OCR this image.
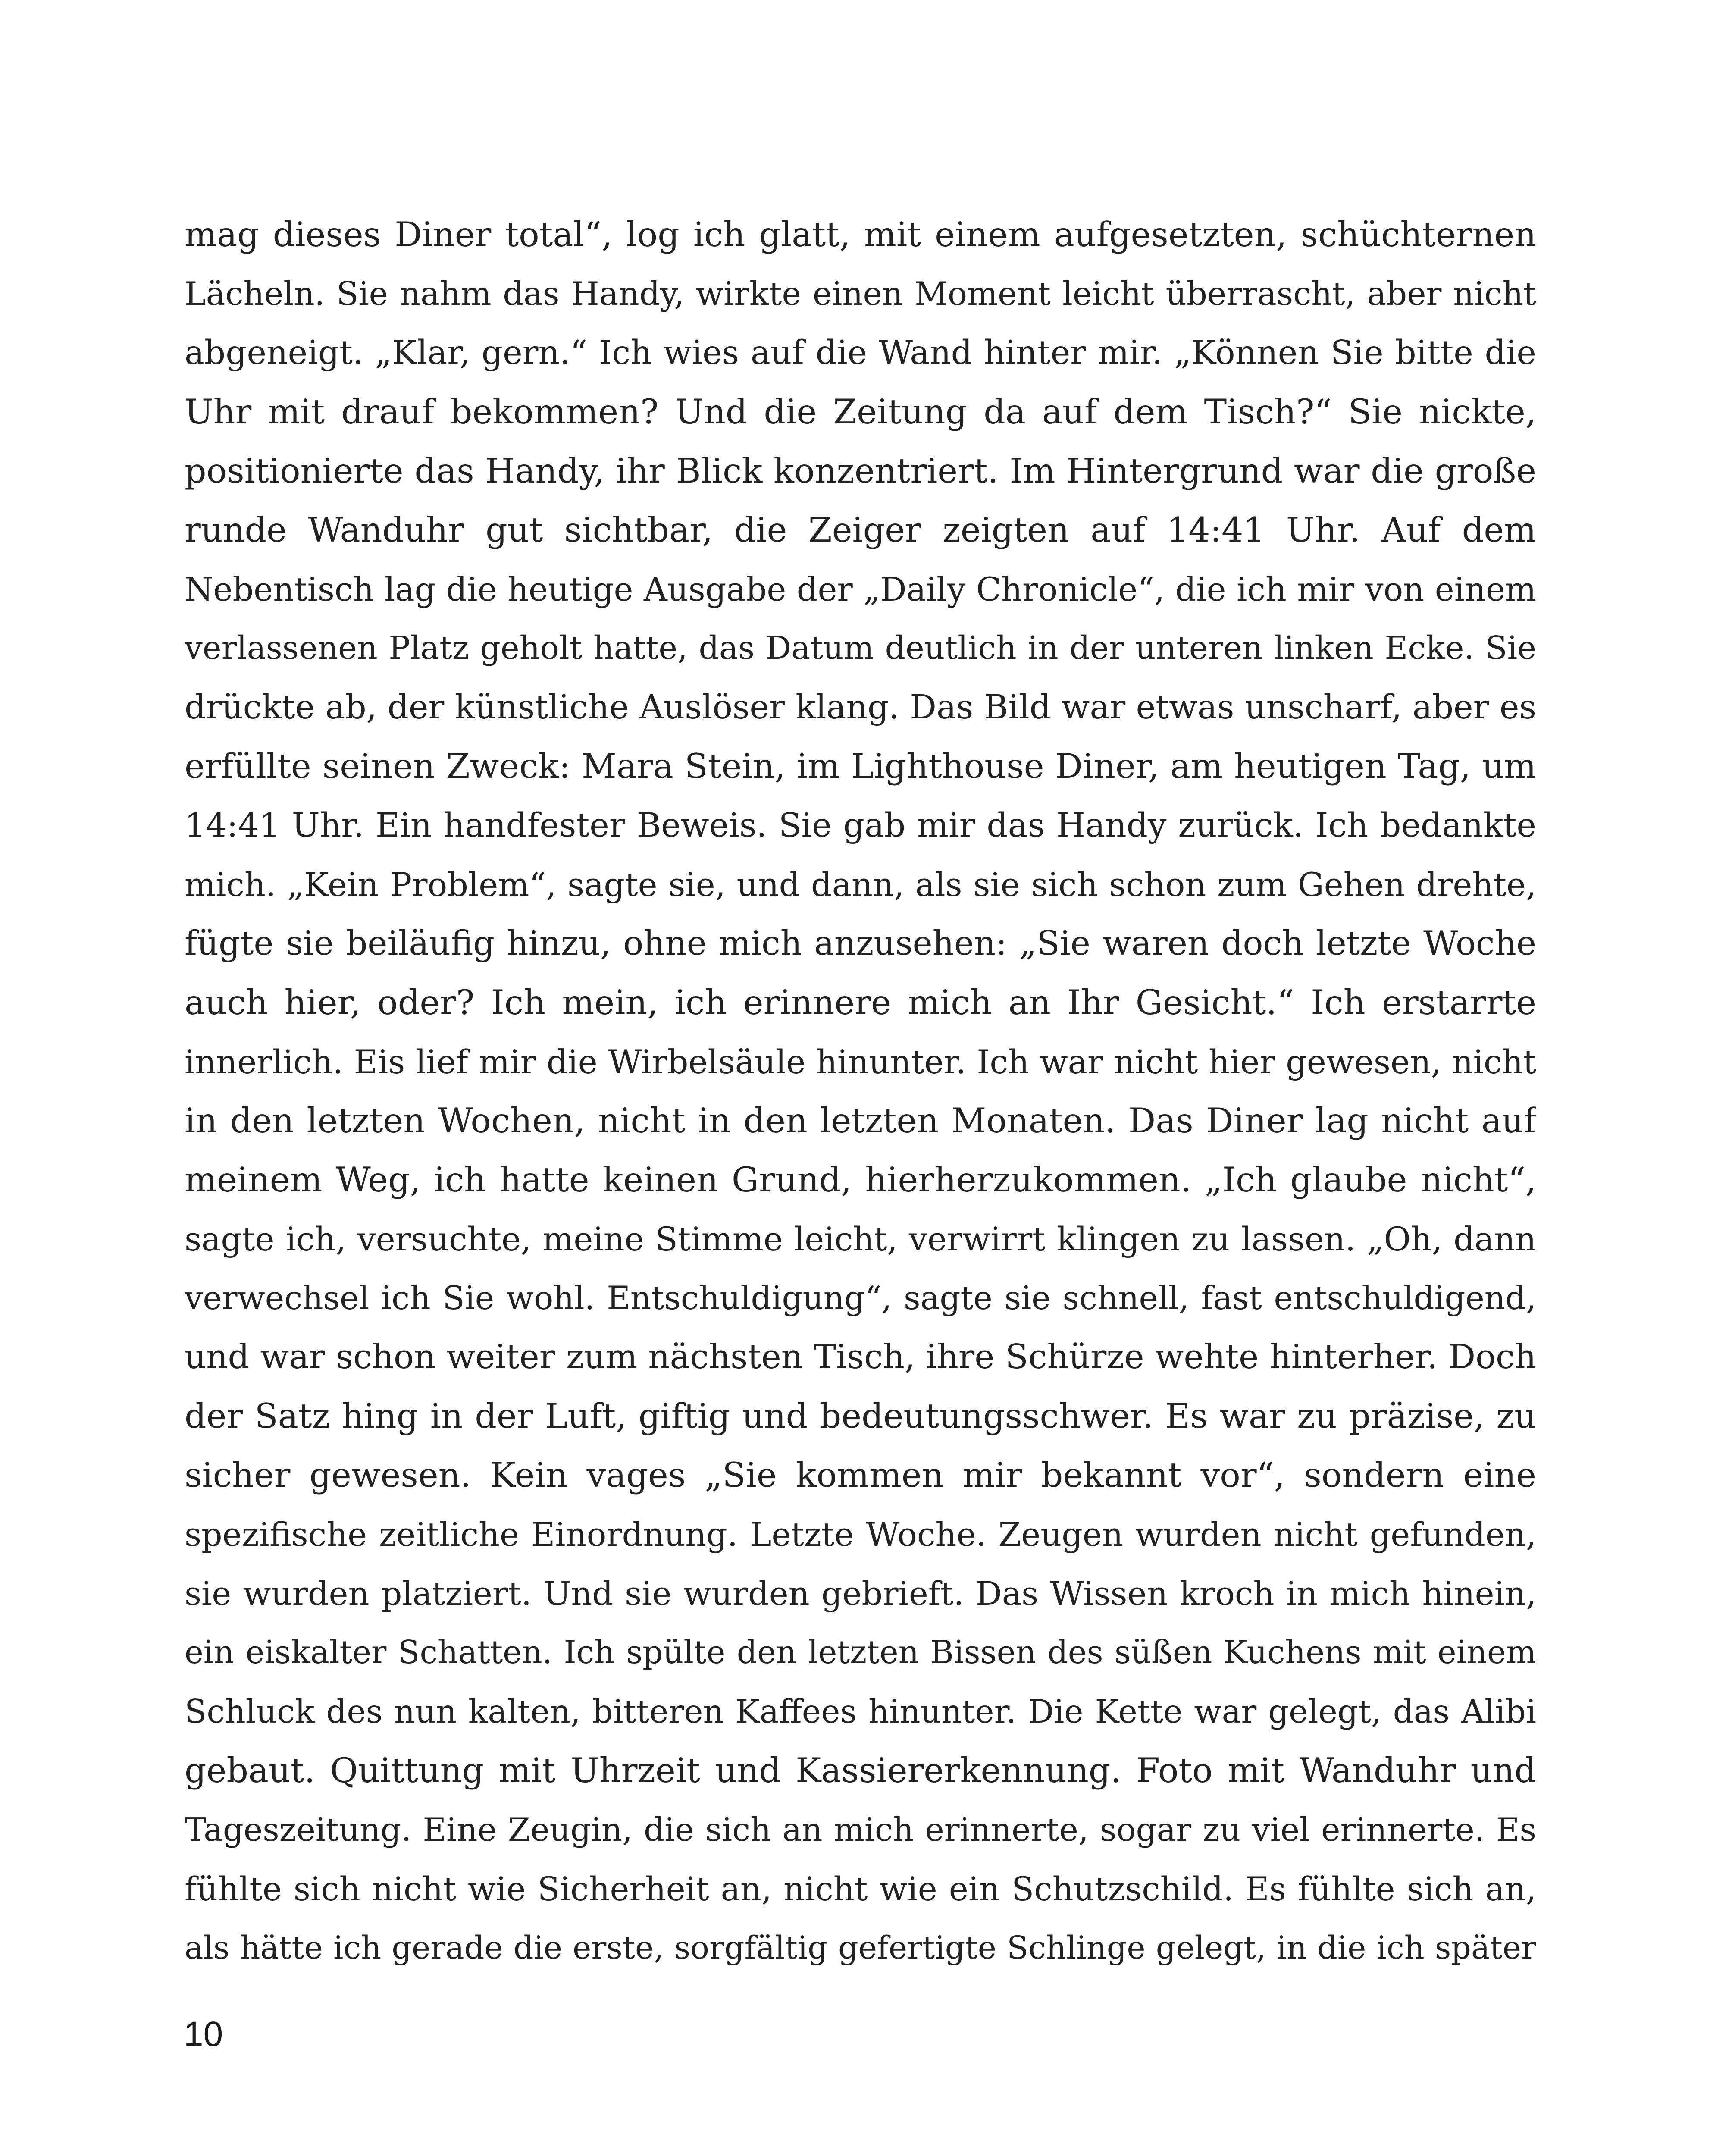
mag dieses Diner total“, log ich glatt, mit einem aufgesetzten, schüchternen
Lächeln. Sie nahm das Handy, wirkte einen Moment leicht überrascht, aber nicht
abgeneigt. „Klar, gern.“ Ich wies auf die Wand hinter mir. „Können Sie bitte die
Uhr mit drauf bekommen? Und die Zeitung da auf dem Tisch?“ Sie nickte,
positionierte das Handy, ihr Blick konzentriert. Im Hintergrund war die große
runde Wanduhr gut sichtbar, die Zeiger zeigten auf 14:41 Uhr. Auf dem
Nebentisch lag die heutige Ausgabe der „Daily Chronicle“, die ich mir von einem
verlassenen Platz geholt hatte, das Datum deutlich in der unteren linken Ecke. Sie
drückte ab, der künstliche Auslöser klang. Das Bild war etwas unscharf, aber es
erfüllte seinen Zweck: Mara Stein, im Lighthouse Diner, am heutigen Tag, um
14:41 Uhr. Ein handfester Beweis. Sie gab mir das Handy zurück. Ich bedankte
mich. „Kein Problem“, sagte sie, und dann, als sie sich schon zum Gehen drehte,
fügte sie beiläufig hinzu, ohne mich anzusehen: „Sie waren doch letzte Woche
auch hier, oder? Ich mein, ich erinnere mich an Ihr Gesicht.“ Ich erstarrte
innerlich. Eis lief mir die Wirbelsäule hinunter. Ich war nicht hier gewesen, nicht
in den letzten Wochen, nicht in den letzten Monaten. Das Diner lag nicht auf
meinem Weg, ich hatte keinen Grund, hierherzukommen. „Ich glaube nicht“,
sagte ich, versuchte, meine Stimme leicht, verwirrt klingen zu lassen. „Oh, dann
verwechsel ich Sie wohl. Entschuldigung“, sagte sie schnell, fast entschuldigend,
und war schon weiter zum nächsten Tisch, ihre Schürze wehte hinterher. Doch
der Satz hing in der Luft, giftig und bedeutungsschwer. Es war zu präzise, zu
sicher gewesen. Kein vages „Sie kommen mir bekannt vor“, sondern eine
spezifische zeitliche Einordnung. Letzte Woche. Zeugen wurden nicht gefunden,
sie wurden platziert. Und sie wurden gebrieft. Das Wissen kroch in mich hinein,
ein eiskalter Schatten. Ich spülte den letzten Bissen des süßen Kuchens mit einem
Schluck des nun kalten, bitteren Kaffees hinunter. Die Kette war gelegt, das Alibi
gebaut. Quittung mit Uhrzeit und Kassiererkennung. Foto mit Wanduhr und
Tageszeitung. Eine Zeugin, die sich an mich erinnerte, sogar zu viel erinnerte. Es
fühlte sich nicht wie Sicherheit an, nicht wie ein Schutzschild. Es fühlte sich an,
als hätte ich gerade die erste, sorgfältig gefertigte Schlinge gelegt, in die ich später
10
